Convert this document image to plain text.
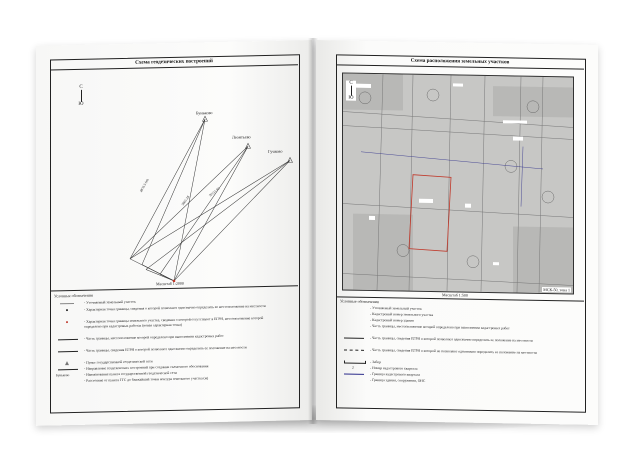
Схема геодезических построений
С
Ю
Буньково
Леонтьево
Гучково
4876.5 (м)
3865.28
70131.93
Масштаб 1:2000
Условные обозначения
- Уточняемый земельный участок
- Характерная точка границы, сведения о которой позволяют однозначно определить ее местоположение на местности
- Характерная точка границы земельного участка, сведения о которой отсутствуют в ЕГРН, местоположение которой определено при кадастровых работах (новая характерная точка)
- Часть границы, местоположение которой определено при выполнении кадастровых работ
- Часть границы, сведения ЕГРН о которой позволяют однозначно определить ее положение на местности
- Пункт государственной геодезической сети
- Направление геодезических построений при создании съемочного обоснования
Буньково	- Наименование пункта государственной геодезической сети
- Расстояние от пункта ГГС до ближайшей точки контура земельного участка (м)
Схема расположения земельных участков
МСК-50, зона 1
С
Ю
Масштаб 1:500
Условные обозначения
- Уточняемый земельный участок
- Кадастровый номер земельного участка
- Кадастровый номер здания
- Часть границы, местоположение которой определено при выполнении кадастровых работ
- Часть границы, сведения ЕГРН о которой позволяют однозначно определить ее положение на местности
- Часть границы, сведения ЕГРН о которой не позволяют однозначно определить ее положение на местности
- Забор
2	- Номер кадастрового квартала
- Граница кадастрового квартала
- Граница здания, сооружения, ОНС
